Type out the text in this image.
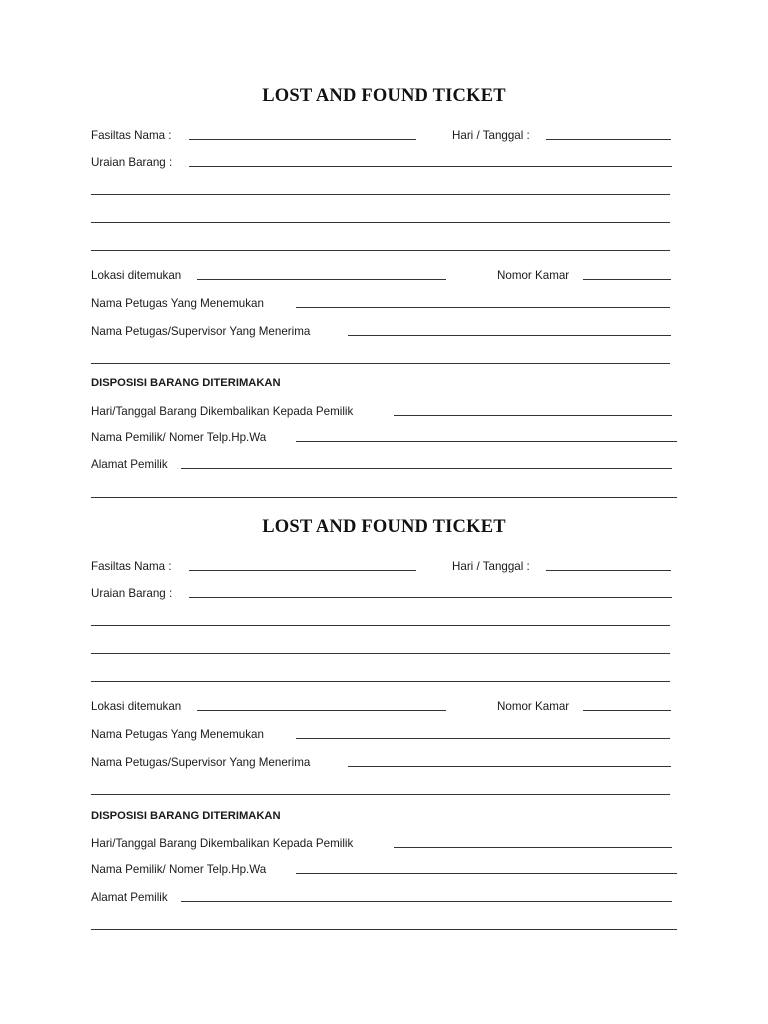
LOST AND FOUND TICKET
Fasiltas Nama :	Hari / Tanggal :
Uraian Barang :
Lokasi ditemukan	Nomor Kamar
Nama Petugas Yang Menemukan
Nama Petugas/Supervisor Yang Menerima
DISPOSISI BARANG DITERIMAKAN
Hari/Tanggal Barang Dikembalikan Kepada Pemilik
Nama Pemilik/ Nomer Telp.Hp.Wa
Alamat Pemilik
LOST AND FOUND TICKET
Fasiltas Nama :	Hari / Tanggal :
Uraian Barang :
Lokasi ditemukan	Nomor Kamar
Nama Petugas Yang Menemukan
Nama Petugas/Supervisor Yang Menerima
DISPOSISI BARANG DITERIMAKAN
Hari/Tanggal Barang Dikembalikan Kepada Pemilik
Nama Pemilik/ Nomer Telp.Hp.Wa
Alamat Pemilik
